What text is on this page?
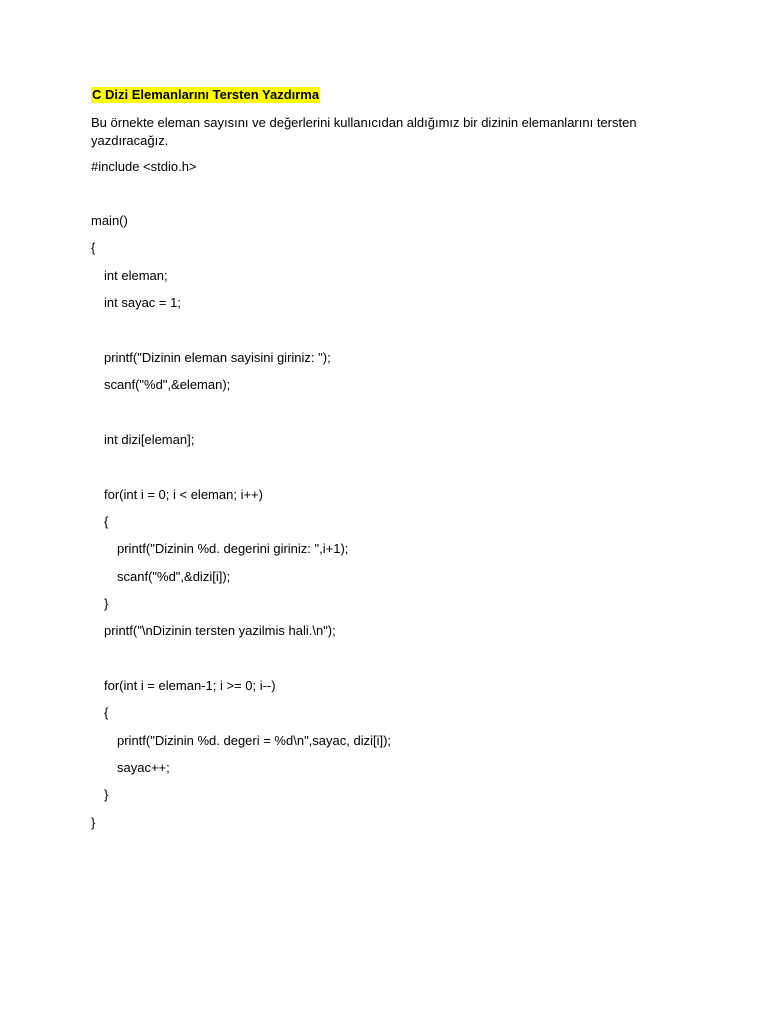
C Dizi Elemanlarını Tersten Yazdırma
Bu örnekte eleman sayısını ve değerlerini kullanıcıdan aldığımız bir dizinin elemanlarını tersten yazdıracağız.
#include <stdio.h>
main()
{
int eleman;
int sayac = 1;
printf("Dizinin eleman sayisini giriniz: ");
scanf("%d",&eleman);
int dizi[eleman];
for(int i = 0; i < eleman; i++)
{
printf("Dizinin %d. degerini giriniz: ",i+1);
scanf("%d",&dizi[i]);
}
printf("\nDizinin tersten yazilmis hali.\n");
for(int i = eleman-1; i >= 0; i--)
{
printf("Dizinin %d. degeri = %d\n",sayac, dizi[i]);
sayac++;
}
}
